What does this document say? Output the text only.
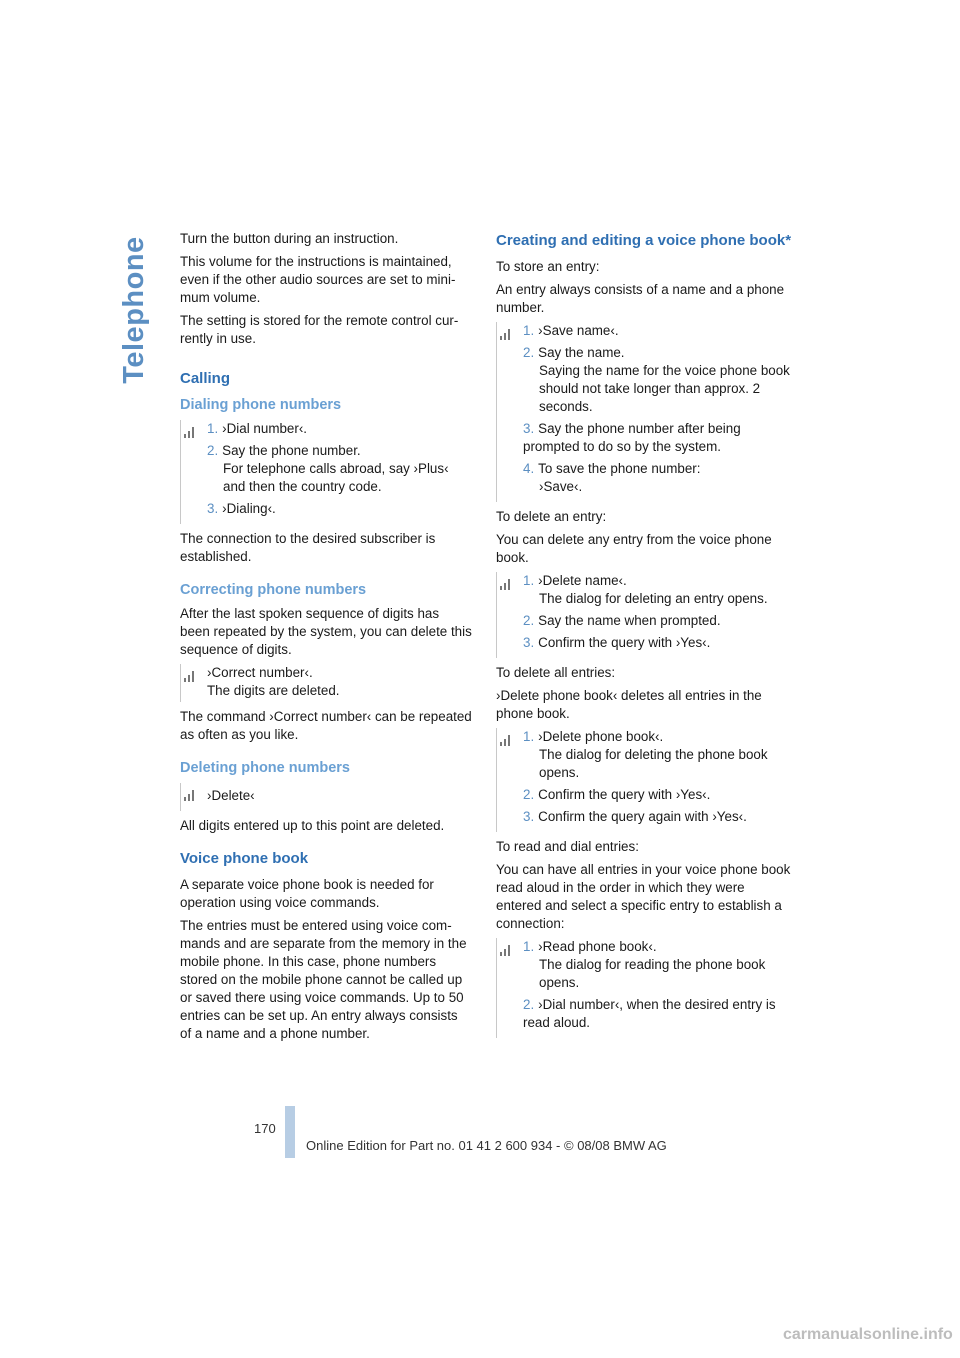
Telephone Turn the button during an instruction.

This volume for the instructions is maintained, even if the other audio sources are set to mini-mum volume.

The setting is stored for the remote control cur-rently in use.

Calling
Dialing phone numbers
1. ›Dial number‹.
2. Say the phone number.
For telephone calls abroad, say ›Plus‹ and then the country code.
3. ›Dialing‹.

The connection to the desired subscriber is established.

Correcting phone numbers

After the last spoken sequence of digits has been repeated by the system, you can delete this sequence of digits.

›Correct number‹.
The digits are deleted.

The command ›Correct number‹ can be repeated as often as you like.

Deleting phone numbers
›Delete‹

All digits entered up to this point are deleted.

Voice phone book

A separate voice phone book is needed for operation using voice commands.

The entries must be entered using voice com-mands and are separate from the memory in the mobile phone. In this case, phone numbers stored on the mobile phone cannot be called up or saved there using voice commands. Up to 50 entries can be set up. An entry always consists of a name and a phone number.

Creating and editing a voice phone book*

To store an entry:

An entry always consists of a name and a phone number.

1. ›Save name‹.
2. Say the name.
Saying the name for the voice phone book should not take longer than approx. 2 seconds.
3. Say the phone number after being prompted to do so by the system.
4. To save the phone number:
›Save‹.

To delete an entry:

You can delete any entry from the voice phone book.

1. ›Delete name‹.
The dialog for deleting an entry opens.
2. Say the name when prompted.
3. Confirm the query with ›Yes‹.

To delete all entries:

›Delete phone book‹ deletes all entries in the phone book.

1. ›Delete phone book‹.
The dialog for deleting the phone book opens.
2. Confirm the query with ›Yes‹.
3. Confirm the query again with ›Yes‹.

To read and dial entries:

You can have all entries in your voice phone book read aloud in the order in which they were entered and select a specific entry to establish a connection:

1. ›Read phone book‹.
The dialog for reading the phone book opens.
2. ›Dial number‹, when the desired entry is read aloud.
170
Online Edition for Part no. 01 41 2 600 934 - © 08/08 BMW AG
carmanualsonline.info
